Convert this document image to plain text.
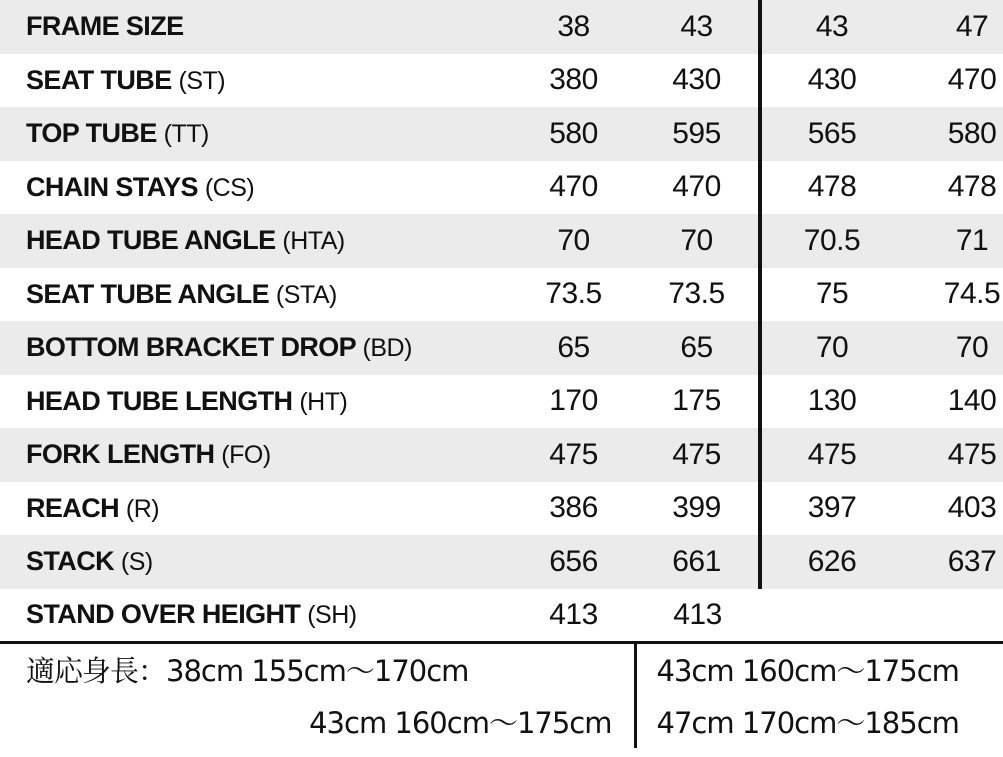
FRAME SIZE	38	43	43	47
SEAT TUBE (ST)	380	430	430	470
TOP TUBE (TT)	580	595	565	580
CHAIN STAYS (CS)	470	470	478	478
HEAD TUBE ANGLE (HTA)	70	70	70.5	71
SEAT TUBE ANGLE (STA)	73.5	73.5	75	74.5
BOTTOM BRACKET DROP (BD)	65	65	70	70
HEAD TUBE LENGTH (HT)	170	175	130	140
FORK LENGTH (FO)	475	475	475	475
REACH (R)	386	399	397	403
STACK (S)	656	661	626	637
STAND OVER HEIGHT (SH)	413	413		
適応身長：38cm 155cm〜170cm		43cm 160cm〜175cm		
43cm 160cm〜175cm		47cm 170cm〜185cm		
